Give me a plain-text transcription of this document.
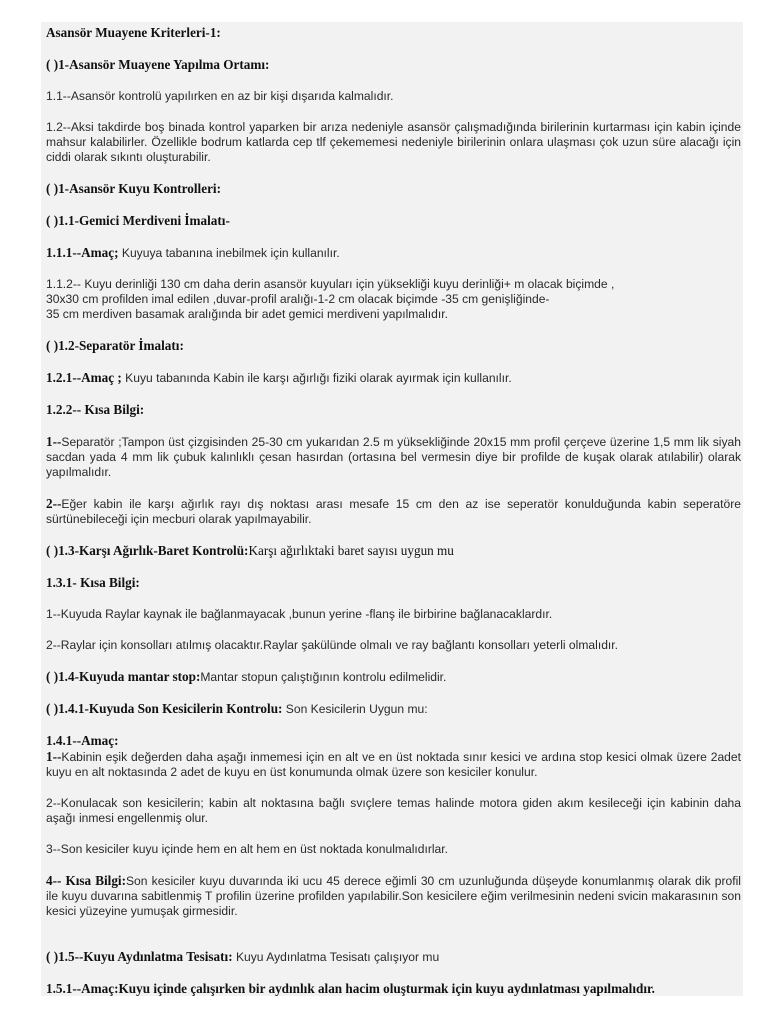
Asansör Muayene Kriterleri-1:

( )1-Asansör Muayene Yapılma Ortamı:

1.1--Asansör kontrolü yapılırken en az bir kişi dışarıda kalmalıdır.

1.2--Aksi takdirde boş binada kontrol yaparken bir arıza nedeniyle asansör çalışmadığında birilerinin kurtarması için kabin içinde mahsur kalabilirler. Özellikle bodrum katlarda cep tlf çekememesi nedeniyle birilerinin onlara ulaşması çok uzun süre alacağı için ciddi olarak sıkıntı oluşturabilir.

( )1-Asansör Kuyu Kontrolleri:

( )1.1-Gemici Merdiveni İmalatı-

1.1.1--Amaç; Kuyuya tabanına inebilmek için kullanılır.

1.1.2-- Kuyu derinliği 130 cm daha derin asansör kuyuları için yüksekliği kuyu derinliği+ m olacak biçimde ,
30x30 cm profilden imal edilen ,duvar-profil aralığı-1-2 cm olacak biçimde -35 cm genişliğinde-
35 cm merdiven basamak aralığında bir adet gemici merdiveni yapılmalıdır.

( )1.2-Separatör İmalatı:

1.2.1--Amaç ; Kuyu tabanında Kabin ile karşı ağırlığı fiziki olarak ayırmak için kullanılır.

1.2.2-- Kısa Bilgi:

1--Separatör ;Tampon üst çizgisinden 25-30 cm yukarıdan 2.5 m yüksekliğinde 20x15 mm profil çerçeve üzerine 1,5 mm lik siyah sacdan yada 4 mm lik çubuk kalınlıklı çesan hasırdan (ortasına bel vermesin diye bir profilde de kuşak olarak atılabilir) olarak yapılmalıdır.

2--Eğer kabin ile karşı ağırlık rayı dış noktası arası mesafe 15 cm den az ise seperatör konulduğunda kabin seperatöre sürtünebileceği için mecburi olarak yapılmayabilir.

( )1.3-Karşı Ağırlık-Baret Kontrolü:Karşı ağırlıktaki baret sayısı uygun mu

1.3.1- Kısa Bilgi:

1--Kuyuda Raylar kaynak ile bağlanmayacak ,bunun yerine -flanş ile birbirine bağlanacaklardır.

2--Raylar için konsolları atılmış olacaktır.Raylar şakülünde olmalı ve ray bağlantı konsolları yeterli olmalıdır.

( )1.4-Kuyuda mantar stop:Mantar stopun çalıştığının kontrolu edilmelidir.

( )1.4.1-Kuyuda Son Kesicilerin Kontrolu: Son Kesicilerin Uygun mu:

1.4.1--Amaç:

1--Kabinin eşik değerden daha aşağı inmemesi için en alt ve en üst noktada sınır kesici ve ardına stop kesici olmak üzere 2adet kuyu en alt noktasında 2 adet de kuyu en üst konumunda olmak üzere son kesiciler konulur.

2--Konulacak son kesicilerin; kabin alt noktasına bağlı svıçlere temas halinde motora giden akım kesileceği için kabinin daha aşağı inmesi engellenmiş olur.

3--Son kesiciler kuyu içinde hem en alt hem en üst noktada konulmalıdırlar.

4-- Kısa Bilgi:Son kesiciler kuyu duvarında iki ucu 45 derece eğimli 30 cm uzunluğunda düşeyde konumlanmış olarak dik profil ile kuyu duvarına sabitlenmiş T profilin üzerine profilden yapılabilir.Son kesicilere eğim verilmesinin nedeni svicin makarasının son kesici yüzeyine yumuşak girmesidir.

( )1.5--Kuyu Aydınlatma Tesisatı: Kuyu Aydınlatma Tesisatı çalışıyor mu

1.5.1--Amaç:Kuyu içinde çalışırken bir aydınlık alan hacim oluşturmak için kuyu aydınlatması yapılmalıdır.
